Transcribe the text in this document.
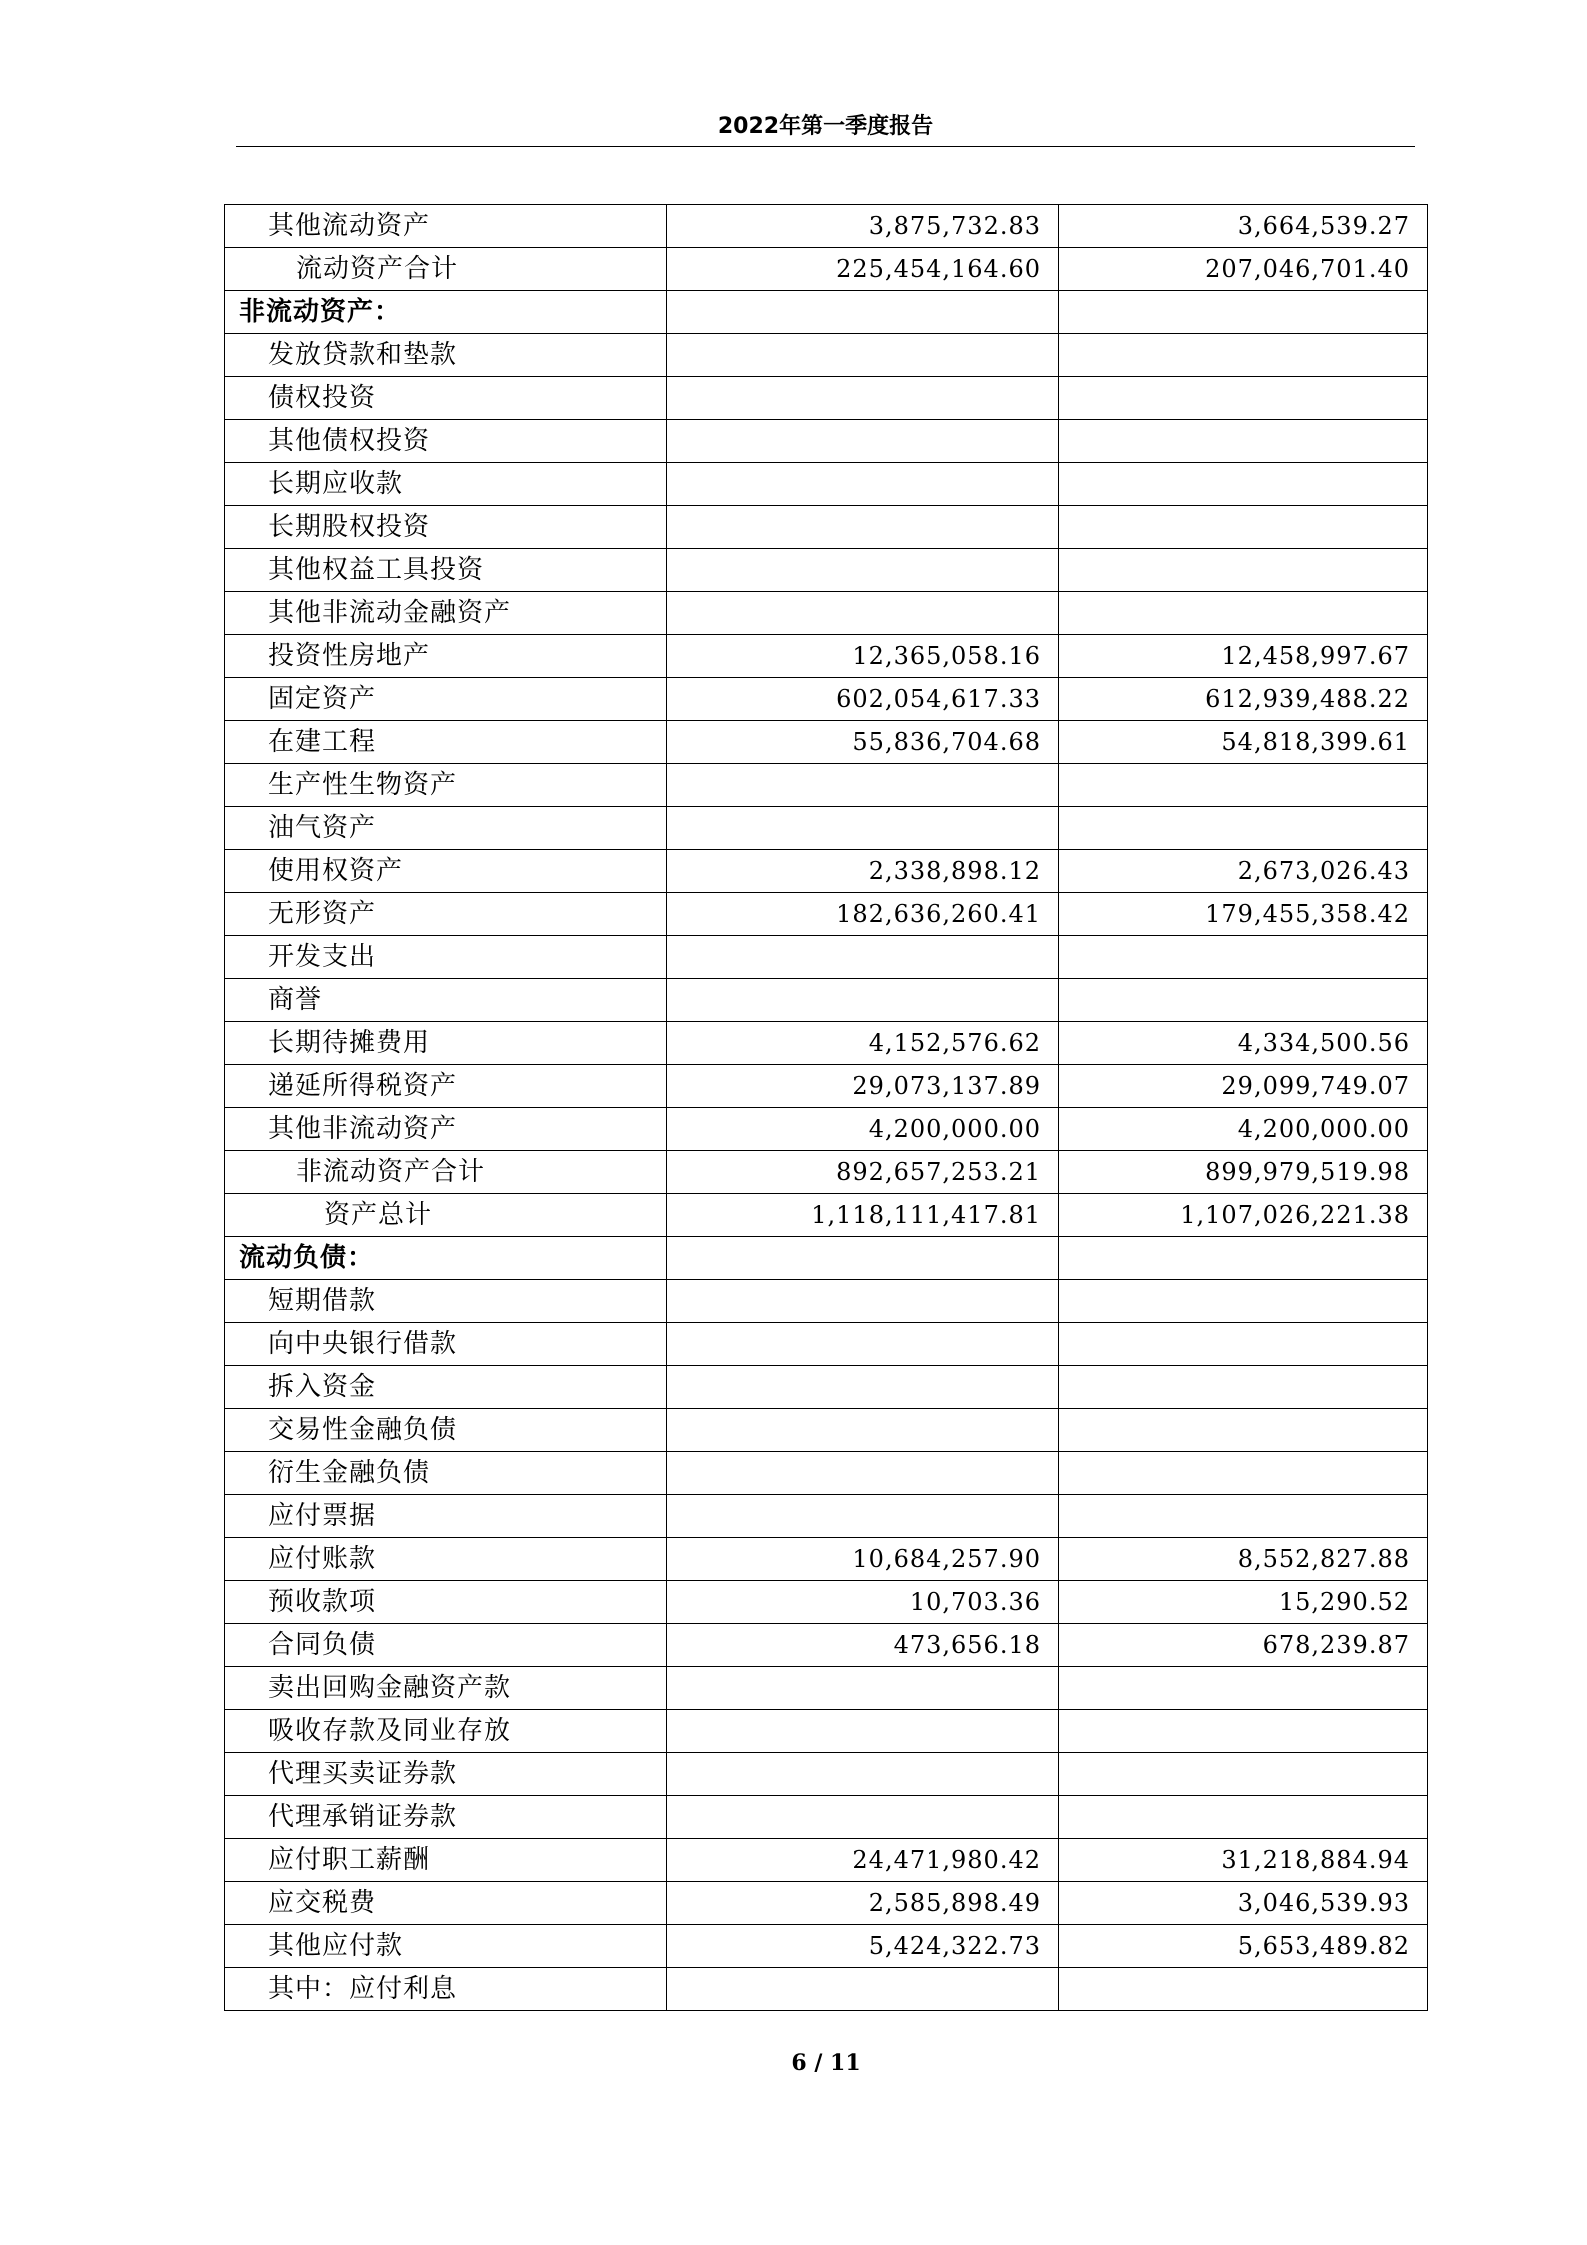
2022年第一季度报告
其他流动资产	3,875,732.83	3,664,539.27
流动资产合计	225,454,164.60	207,046,701.40
非流动资产：		
发放贷款和垫款		
债权投资		
其他债权投资		
长期应收款		
长期股权投资		
其他权益工具投资		
其他非流动金融资产		
投资性房地产	12,365,058.16	12,458,997.67
固定资产	602,054,617.33	612,939,488.22
在建工程	55,836,704.68	54,818,399.61
生产性生物资产		
油气资产		
使用权资产	2,338,898.12	2,673,026.43
无形资产	182,636,260.41	179,455,358.42
开发支出		
商誉		
长期待摊费用	4,152,576.62	4,334,500.56
递延所得税资产	29,073,137.89	29,099,749.07
其他非流动资产	4,200,000.00	4,200,000.00
非流动资产合计	892,657,253.21	899,979,519.98
资产总计	1,118,111,417.81	1,107,026,221.38
流动负债：		
短期借款		
向中央银行借款		
拆入资金		
交易性金融负债		
衍生金融负债		
应付票据		
应付账款	10,684,257.90	8,552,827.88
预收款项	10,703.36	15,290.52
合同负债	473,656.18	678,239.87
卖出回购金融资产款		
吸收存款及同业存放		
代理买卖证券款		
代理承销证券款		
应付职工薪酬	24,471,980.42	31,218,884.94
应交税费	2,585,898.49	3,046,539.93
其他应付款	5,424,322.73	5,653,489.82
其中：应付利息		
6 / 11
